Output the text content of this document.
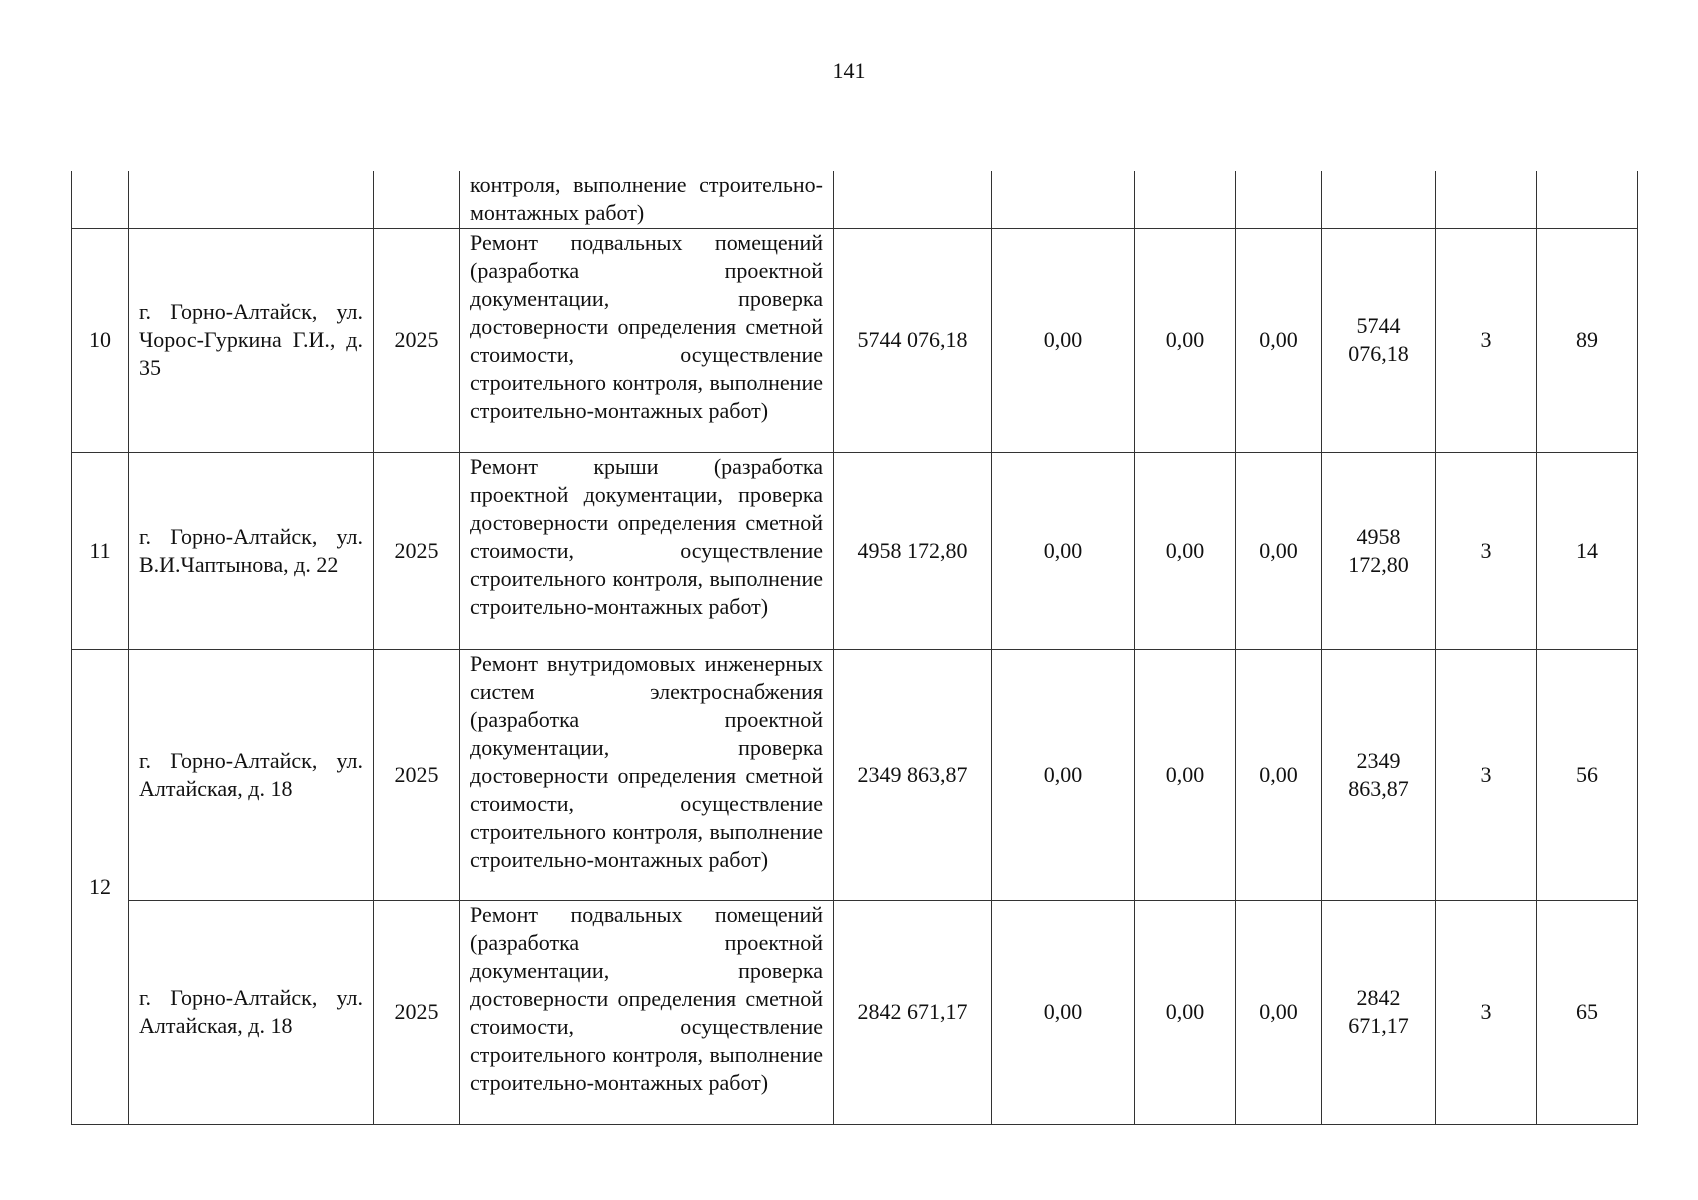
141
			контроля, выполнение строительно-монтажных работ)							
10	г. Горно-Алтайск, ул. Чорос-Гуркина Г.И., д. 35	2025	Ремонт подвальных помещений (разработка проектной документации, проверка достоверности определения сметной стоимости, осуществление строительного контроля, выполнение строительно-монтажных работ)	5744 076,18	0,00	0,00	0,00	5744 076,18	3	89
11	г. Горно-Алтайск, ул. В.И.Чаптынова, д. 22	2025	Ремонт крыши (разработка проектной документации, проверка достоверности определения сметной стоимости, осуществление строительного контроля, выполнение строительно-монтажных работ)	4958 172,80	0,00	0,00	0,00	4958 172,80	3	14
12	г. Горно-Алтайск, ул. Алтайская, д. 18	2025	Ремонт внутридомовых инженерных систем электроснабжения (разработка проектной документации, проверка достоверности определения сметной стоимости, осуществление строительного контроля, выполнение строительно-монтажных работ)	2349 863,87	0,00	0,00	0,00	2349 863,87	3	56
	г. Горно-Алтайск, ул. Алтайская, д. 18	2025	Ремонт подвальных помещений (разработка проектной документации, проверка достоверности определения сметной стоимости, осуществление строительного контроля, выполнение строительно-монтажных работ)	2842 671,17	0,00	0,00	0,00	2842 671,17	3	65
